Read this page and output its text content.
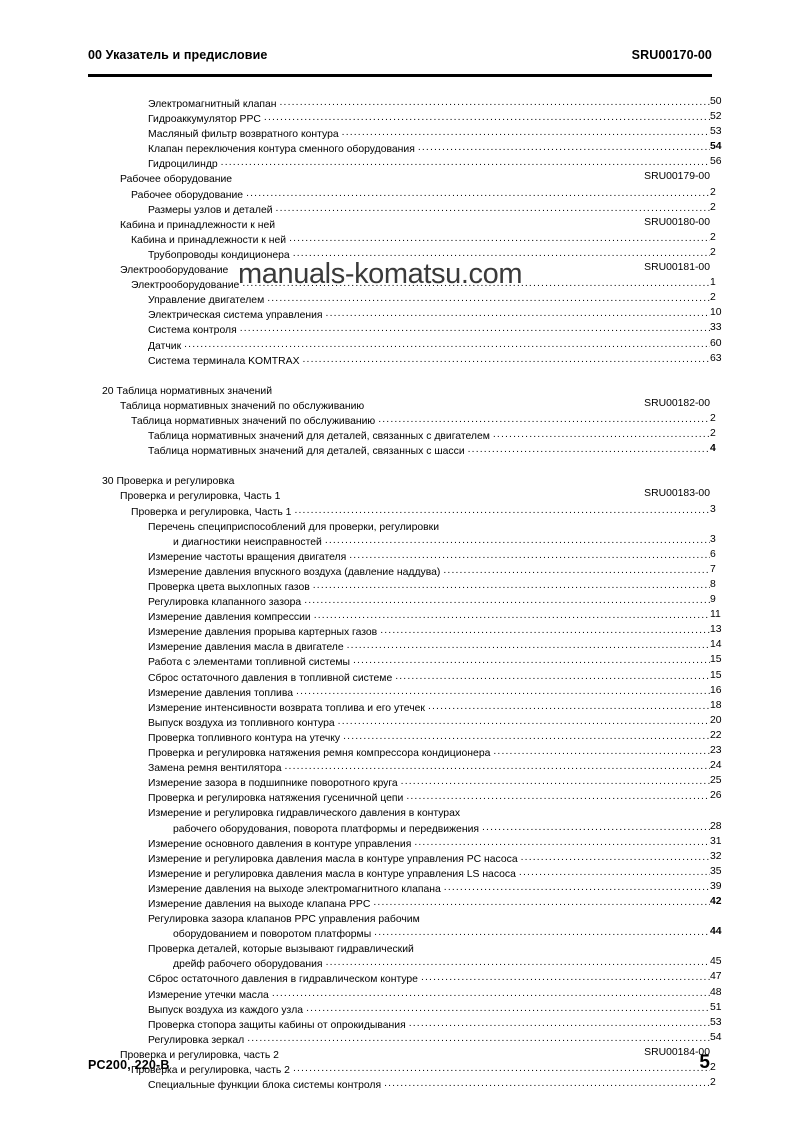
00 Указатель и предисловие	SRU00170-00
Электромагнитный клапан .....	50
Гидроаккумулятор PPC .....	52
Масляный фильтр возвратного контура .....	53
Клапан переключения контура сменного оборудования .....	54
Гидроцилиндр .....	56
Рабочее оборудование	SRU00179-00
Рабочее оборудование .....	2
Размеры узлов и деталей .....	2
Кабина и принадлежности к ней	SRU00180-00
Кабина и принадлежности к ней .....	2
Трубопроводы кондиционера .....	2
Электрооборудование	SRU00181-00
Электрооборудование .....	1
Управление двигателем .....	2
Электрическая система управления .....	10
Система контроля .....	33
Датчик .....	60
Система терминала KOMTRAX .....	63
20 Таблица нормативных значений
Таблица нормативных значений по обслуживанию	SRU00182-00
Таблица нормативных значений по обслуживанию .....	2
Таблица нормативных значений для деталей, связанных с двигателем .....	2
Таблица нормативных значений для деталей, связанных с шасси .....	4
30 Проверка и регулировка
Проверка и регулировка, Часть 1	SRU00183-00
Проверка и регулировка, Часть 1 .....	3
Перечень специприспособлений для проверки, регулировки
и диагностики неисправностей .....	3
Измерение частоты вращения двигателя .....	6
Измерение давления впускного воздуха (давление наддува) .....	7
Проверка цвета выхлопных газов .....	8
Регулировка клапанного зазора .....	9
Измерение давления компрессии .....	11
Измерение давления прорыва картерных газов .....	13
Измерение давления масла в двигателе .....	14
Работа с элементами топливной системы .....	15
Сброс остаточного давления в топливной системе .....	15
Измерение давления топлива .....	16
Измерение интенсивности возврата топлива и его утечек .....	18
Выпуск воздуха из топливного контура .....	20
Проверка топливного контура на утечку .....	22
Проверка и регулировка натяжения ремня компрессора кондиционера .....	23
Замена ремня вентилятора .....	24
Измерение зазора в подшипнике поворотного круга .....	25
Проверка и регулировка натяжения гусеничной цепи .....	26
Измерение и регулировка гидравлического давления в контурах
рабочего оборудования, поворота платформы и передвижения .....	28
Измерение основного давления в контуре управления .....	31
Измерение и регулировка давления масла в контуре управления PC насоса .....	32
Измерение и регулировка давления масла в контуре управления LS насоса .....	35
Измерение давления на выходе электромагнитного клапана .....	39
Измерение давления на выходе клапана PPC .....	42
Регулировка зазора клапанов PPC управления рабочим
оборудованием и поворотом платформы .....	44
Проверка деталей, которые вызывают гидравлический
дрейф рабочего оборудования .....	45
Сброс остаточного давления в гидравлическом контуре .....	47
Измерение утечки масла .....	48
Выпуск воздуха из каждого узла .....	51
Проверка стопора защиты кабины от опрокидывания .....	53
Регулировка зеркал .....	54
Проверка и регулировка, часть 2	SRU00184-00
Проверка и регулировка, часть 2 .....	2
Специальные функции блока системы контроля .....	2
manuals-komatsu.com
PC200, 220-B	5
